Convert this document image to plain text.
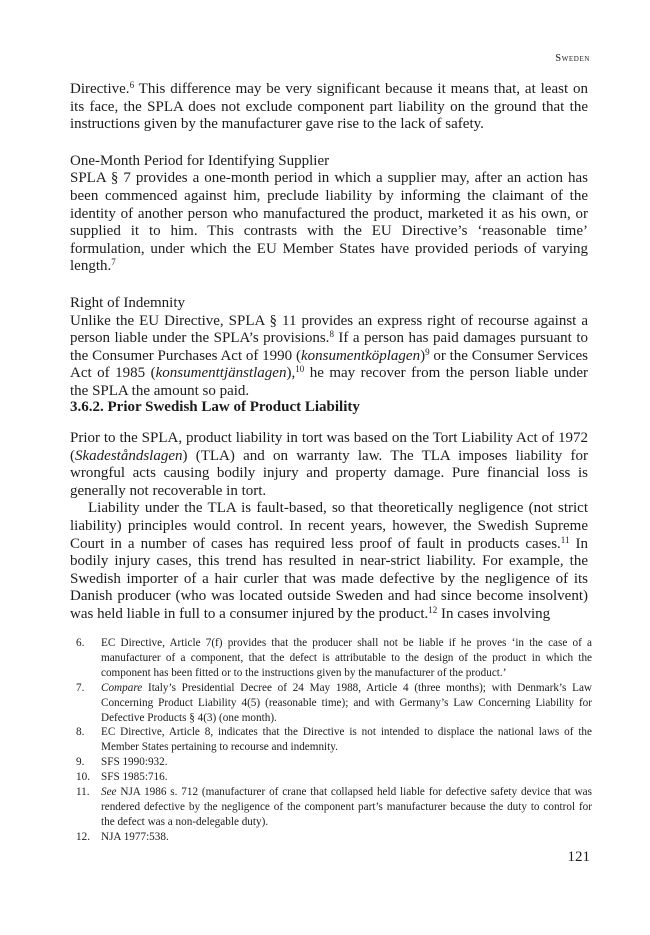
Sweden

Directive.$^6$ This difference may be very significant because it means that, at least on its face, the SPLA does not exclude component part liability on the ground that the instructions given by the manufacturer gave rise to the lack of safety.

One-Month Period for Identifying Supplier

SPLA § 7 provides a one-month period in which a supplier may, after an action has been commenced against him, preclude liability by informing the claimant of the identity of another person who manufactured the product, marketed it as his own, or supplied it to him. This contrasts with the EU Directive’s ‘reasonable time’ formulation, under which the EU Member States have provided periods of varying length.$^7$

Right of Indemnity

Unlike the EU Directive, SPLA § 11 provides an express right of recourse against a person liable under the SPLA’s provisions.$^8$ If a person has paid damages pursuant to the Consumer Purchases Act of 1990 (konsumentköplagen)$^9$ or the Consumer Services Act of 1985 (konsumenttjänstlagen),$^{10}$ he may recover from the person liable under the SPLA the amount so paid.

3.6.2. Prior Swedish Law of Product Liability

Prior to the SPLA, product liability in tort was based on the Tort Liability Act of 1972 (Skadeståndslagen) (TLA) and on warranty law. The TLA imposes liability for wrongful acts causing bodily injury and property damage. Pure financial loss is generally not recoverable in tort.

Liability under the TLA is fault-based, so that theoretically negligence (not strict liability) principles would control. In recent years, however, the Swedish Supreme Court in a number of cases has required less proof of fault in products cases.$^{11}$ In bodily injury cases, this trend has resulted in near-strict liability. For example, the Swedish importer of a hair curler that was made defective by the negligence of its Danish producer (who was located outside Sweden and had since become insolvent) was held liable in full to a consumer injured by the product.$^{12}$ In cases involving

6.	EC Directive, Article 7(f) provides that the producer shall not be liable if he proves ‘in the case of a manufacturer of a component, that the defect is attributable to the design of the product in which the component has been fitted or to the instructions given by the manufacturer of the product.’
7.	Compare Italy’s Presidential Decree of 24 May 1988, Article 4 (three months); with Denmark’s Law Concerning Product Liability 4(5) (reasonable time); and with Germany’s Law Concerning Liability for Defective Products § 4(3) (one month).
8.	EC Directive, Article 8, indicates that the Directive is not intended to displace the national laws of the Member States pertaining to recourse and indemnity.
9.	SFS 1990:932.
10. SFS 1985:716.
11.	See NJA 1986 s. 712 (manufacturer of crane that collapsed held liable for defective safety device that was rendered defective by the negligence of the component part’s manufacturer because the duty to control for the defect was a non-delegable duty).
12. NJA 1977:538.
121
